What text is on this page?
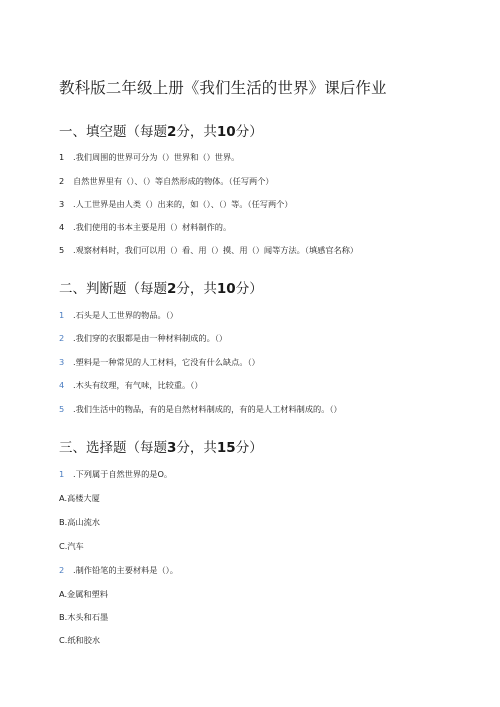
教科版二年级上册《我们生活的世界》课后作业
一、填空题（每题2分，共10分）
1 .我们周围的世界可分为（）世界和（）世界。
2 自然世界里有（）、（）等自然形成的物体。（任写两个）
3 .人工世界是由人类（）出来的，如（）、（）等。（任写两个）
4 .我们使用的书本主要是用（）材料制作的。
5 .观察材料时，我们可以用（）看、用（）摸、用（）闻等方法。（填感官名称）
二、判断题（每题2分，共10分）
1 .石头是人工世界的物品。（）
2 .我们穿的衣服都是由一种材料制成的。（）
3 .塑料是一种常见的人工材料，它没有什么缺点。（）
4 .木头有纹理，有气味，比较重。（）
5 .我们生活中的物品，有的是自然材料制成的，有的是人工材料制成的。（）
三、选择题（每题3分，共15分）
1 .下列属于自然世界的是O。
A.高楼大厦
B.高山流水
C.汽车
2 .制作铅笔的主要材料是（）。
A.金属和塑料
B.木头和石墨
C.纸和胶水
